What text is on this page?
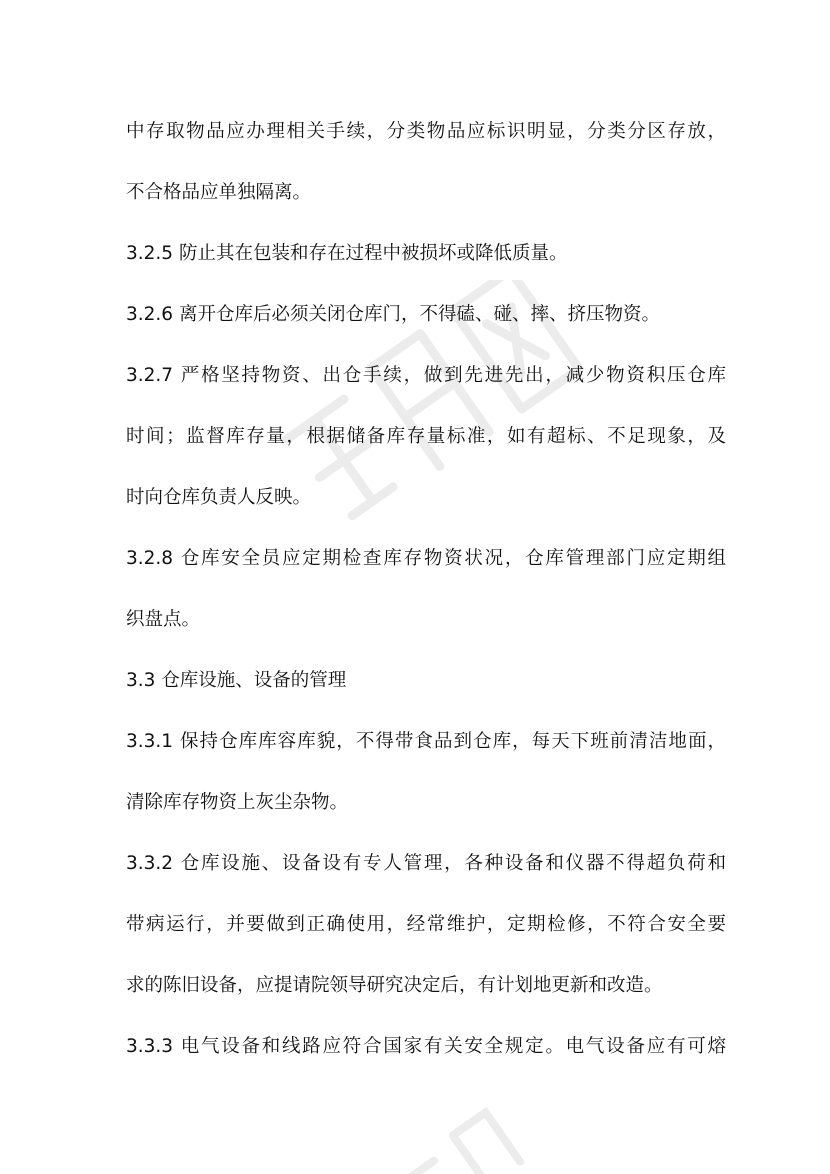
中存取物品应办理相关手续，分类物品应标识明显，分类分区存放，
不合格品应单独隔离。
3.2.5 防止其在包装和存在过程中被损坏或降低质量。
3.2.6 离开仓库后必须关闭仓库门，不得磕、碰、摔、挤压物资。
3.2.7 严格坚持物资、出仓手续，做到先进先出，减少物资积压仓库
时间；监督库存量，根据储备库存量标准，如有超标、不足现象，及
时向仓库负责人反映。
3.2.8 仓库安全员应定期检查库存物资状况，仓库管理部门应定期组
织盘点。
3.3 仓库设施、设备的管理
3.3.1 保持仓库库容库貌，不得带食品到仓库，每天下班前清洁地面，
清除库存物资上灰尘杂物。
3.3.2 仓库设施、设备设有专人管理，各种设备和仪器不得超负荷和
带病运行，并要做到正确使用，经常维护，定期检修，不符合安全要
求的陈旧设备，应提请院领导研究决定后，有计划地更新和改造。
3.3.3 电气设备和线路应符合国家有关安全规定。电气设备应有可熔
